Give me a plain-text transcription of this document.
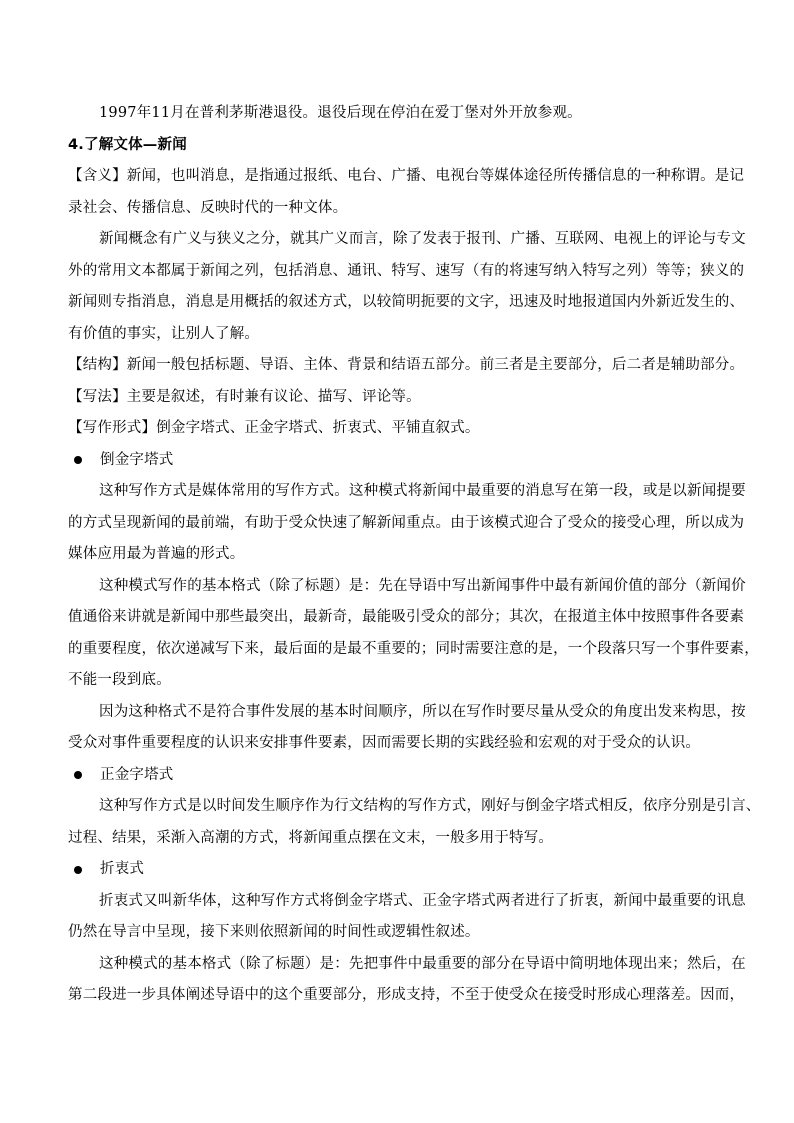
1997年11月在普利茅斯港退役。退役后现在停泊在爱丁堡对外开放参观。
4.了解文体—新闻
【含义】新闻，也叫消息，是指通过报纸、电台、广播、电视台等媒体途径所传播信息的一种称谓。是记
录社会、传播信息、反映时代的一种文体。
新闻概念有广义与狭义之分，就其广义而言，除了发表于报刊、广播、互联网、电视上的评论与专文
外的常用文本都属于新闻之列，包括消息、通讯、特写、速写（有的将速写纳入特写之列）等等；狭义的
新闻则专指消息，消息是用概括的叙述方式，以较简明扼要的文字，迅速及时地报道国内外新近发生的、
有价值的事实，让别人了解。
【结构】新闻一般包括标题、导语、主体、背景和结语五部分。前三者是主要部分，后二者是辅助部分。
【写法】主要是叙述，有时兼有议论、描写、评论等。
【写作形式】倒金字塔式、正金字塔式、折衷式、平铺直叙式。
倒金字塔式
这种写作方式是媒体常用的写作方式。这种模式将新闻中最重要的消息写在第一段，或是以新闻提要
的方式呈现新闻的最前端，有助于受众快速了解新闻重点。由于该模式迎合了受众的接受心理，所以成为
媒体应用最为普遍的形式。
这种模式写作的基本格式（除了标题）是：先在导语中写出新闻事件中最有新闻价值的部分（新闻价
值通俗来讲就是新闻中那些最突出，最新奇，最能吸引受众的部分；其次，在报道主体中按照事件各要素
的重要程度，依次递减写下来，最后面的是最不重要的；同时需要注意的是，一个段落只写一个事件要素，
不能一段到底。
因为这种格式不是符合事件发展的基本时间顺序，所以在写作时要尽量从受众的角度出发来构思，按
受众对事件重要程度的认识来安排事件要素，因而需要长期的实践经验和宏观的对于受众的认识。
正金字塔式
这种写作方式是以时间发生顺序作为行文结构的写作方式，刚好与倒金字塔式相反，依序分别是引言、
过程、结果，采渐入高潮的方式，将新闻重点摆在文末，一般多用于特写。
折衷式
折衷式又叫新华体，这种写作方式将倒金字塔式、正金字塔式两者进行了折衷，新闻中最重要的讯息
仍然在导言中呈现，接下来则依照新闻的时间性或逻辑性叙述。
这种模式的基本格式（除了标题）是：先把事件中最重要的部分在导语中简明地体现出来；然后，在
第二段进一步具体阐述导语中的这个重要部分，形成支持，不至于使受众在接受时形成心理落差。因而，
